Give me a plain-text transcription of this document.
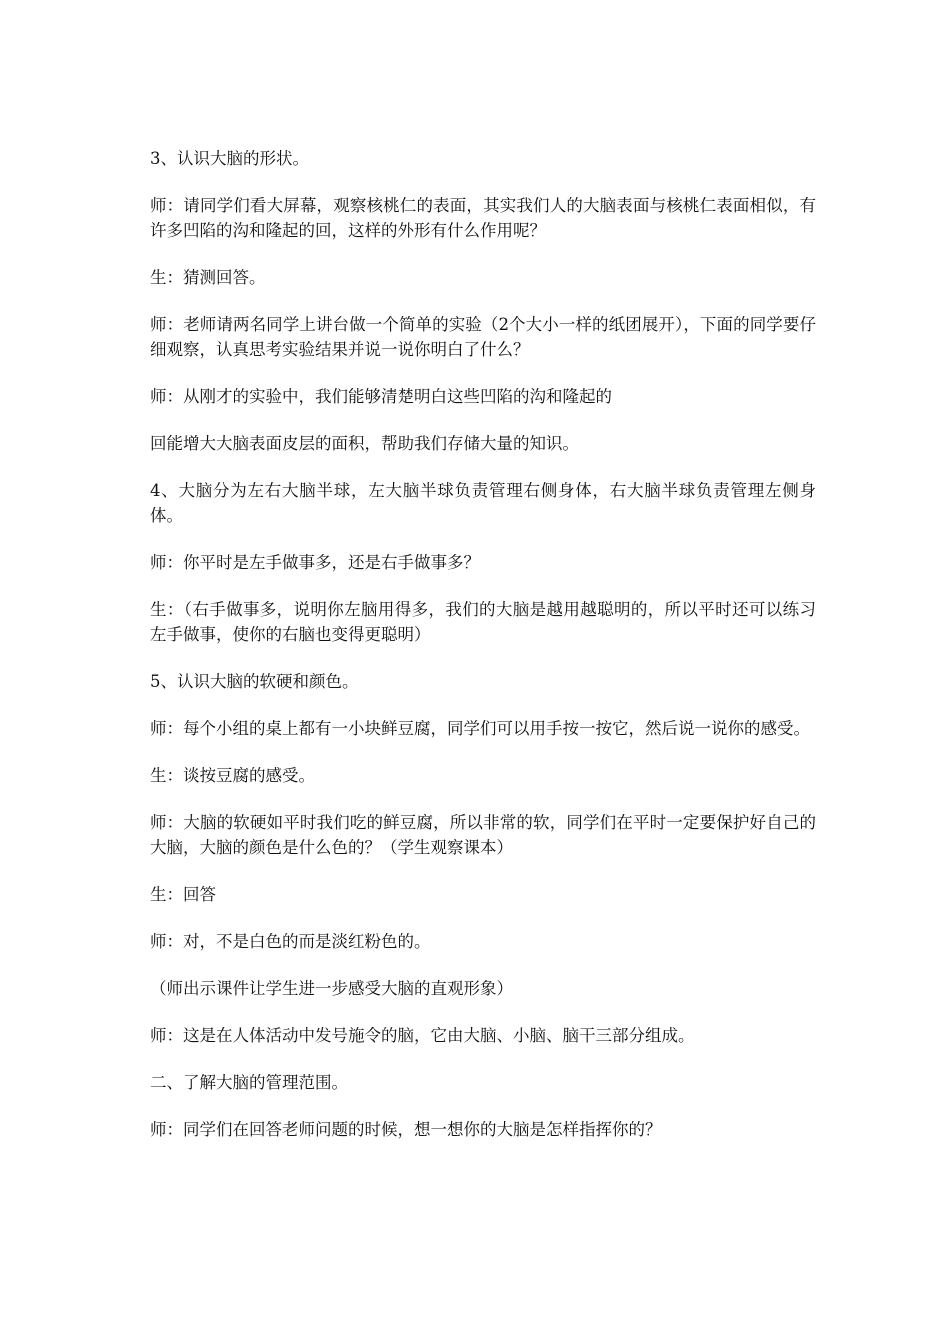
3、认识大脑的形状。

师：请同学们看大屏幕，观察核桃仁的表面，其实我们人的大脑表面与核桃仁表面相似，有许多凹陷的沟和隆起的回，这样的外形有什么作用呢？

生：猜测回答。

师：老师请两名同学上讲台做一个简单的实验（2个大小一样的纸团展开），下面的同学要仔细观察，认真思考实验结果并说一说你明白了什么？

师：从刚才的实验中，我们能够清楚明白这些凹陷的沟和隆起的

回能增大大脑表面皮层的面积，帮助我们存储大量的知识。

4、大脑分为左右大脑半球，左大脑半球负责管理右侧身体，右大脑半球负责管理左侧身体。

师：你平时是左手做事多，还是右手做事多？

生：（右手做事多，说明你左脑用得多，我们的大脑是越用越聪明的，所以平时还可以练习左手做事，使你的右脑也变得更聪明）

5、认识大脑的软硬和颜色。

师：每个小组的桌上都有一小块鲜豆腐，同学们可以用手按一按它，然后说一说你的感受。

生：谈按豆腐的感受。

师：大脑的软硬如平时我们吃的鲜豆腐，所以非常的软，同学们在平时一定要保护好自己的大脑，大脑的颜色是什么色的？（学生观察课本）

生：回答

师：对，不是白色的而是淡红粉色的。

（师出示课件让学生进一步感受大脑的直观形象）

师：这是在人体活动中发号施令的脑，它由大脑、小脑、脑干三部分组成。

二、了解大脑的管理范围。

师：同学们在回答老师问题的时候，想一想你的大脑是怎样指挥你的？
